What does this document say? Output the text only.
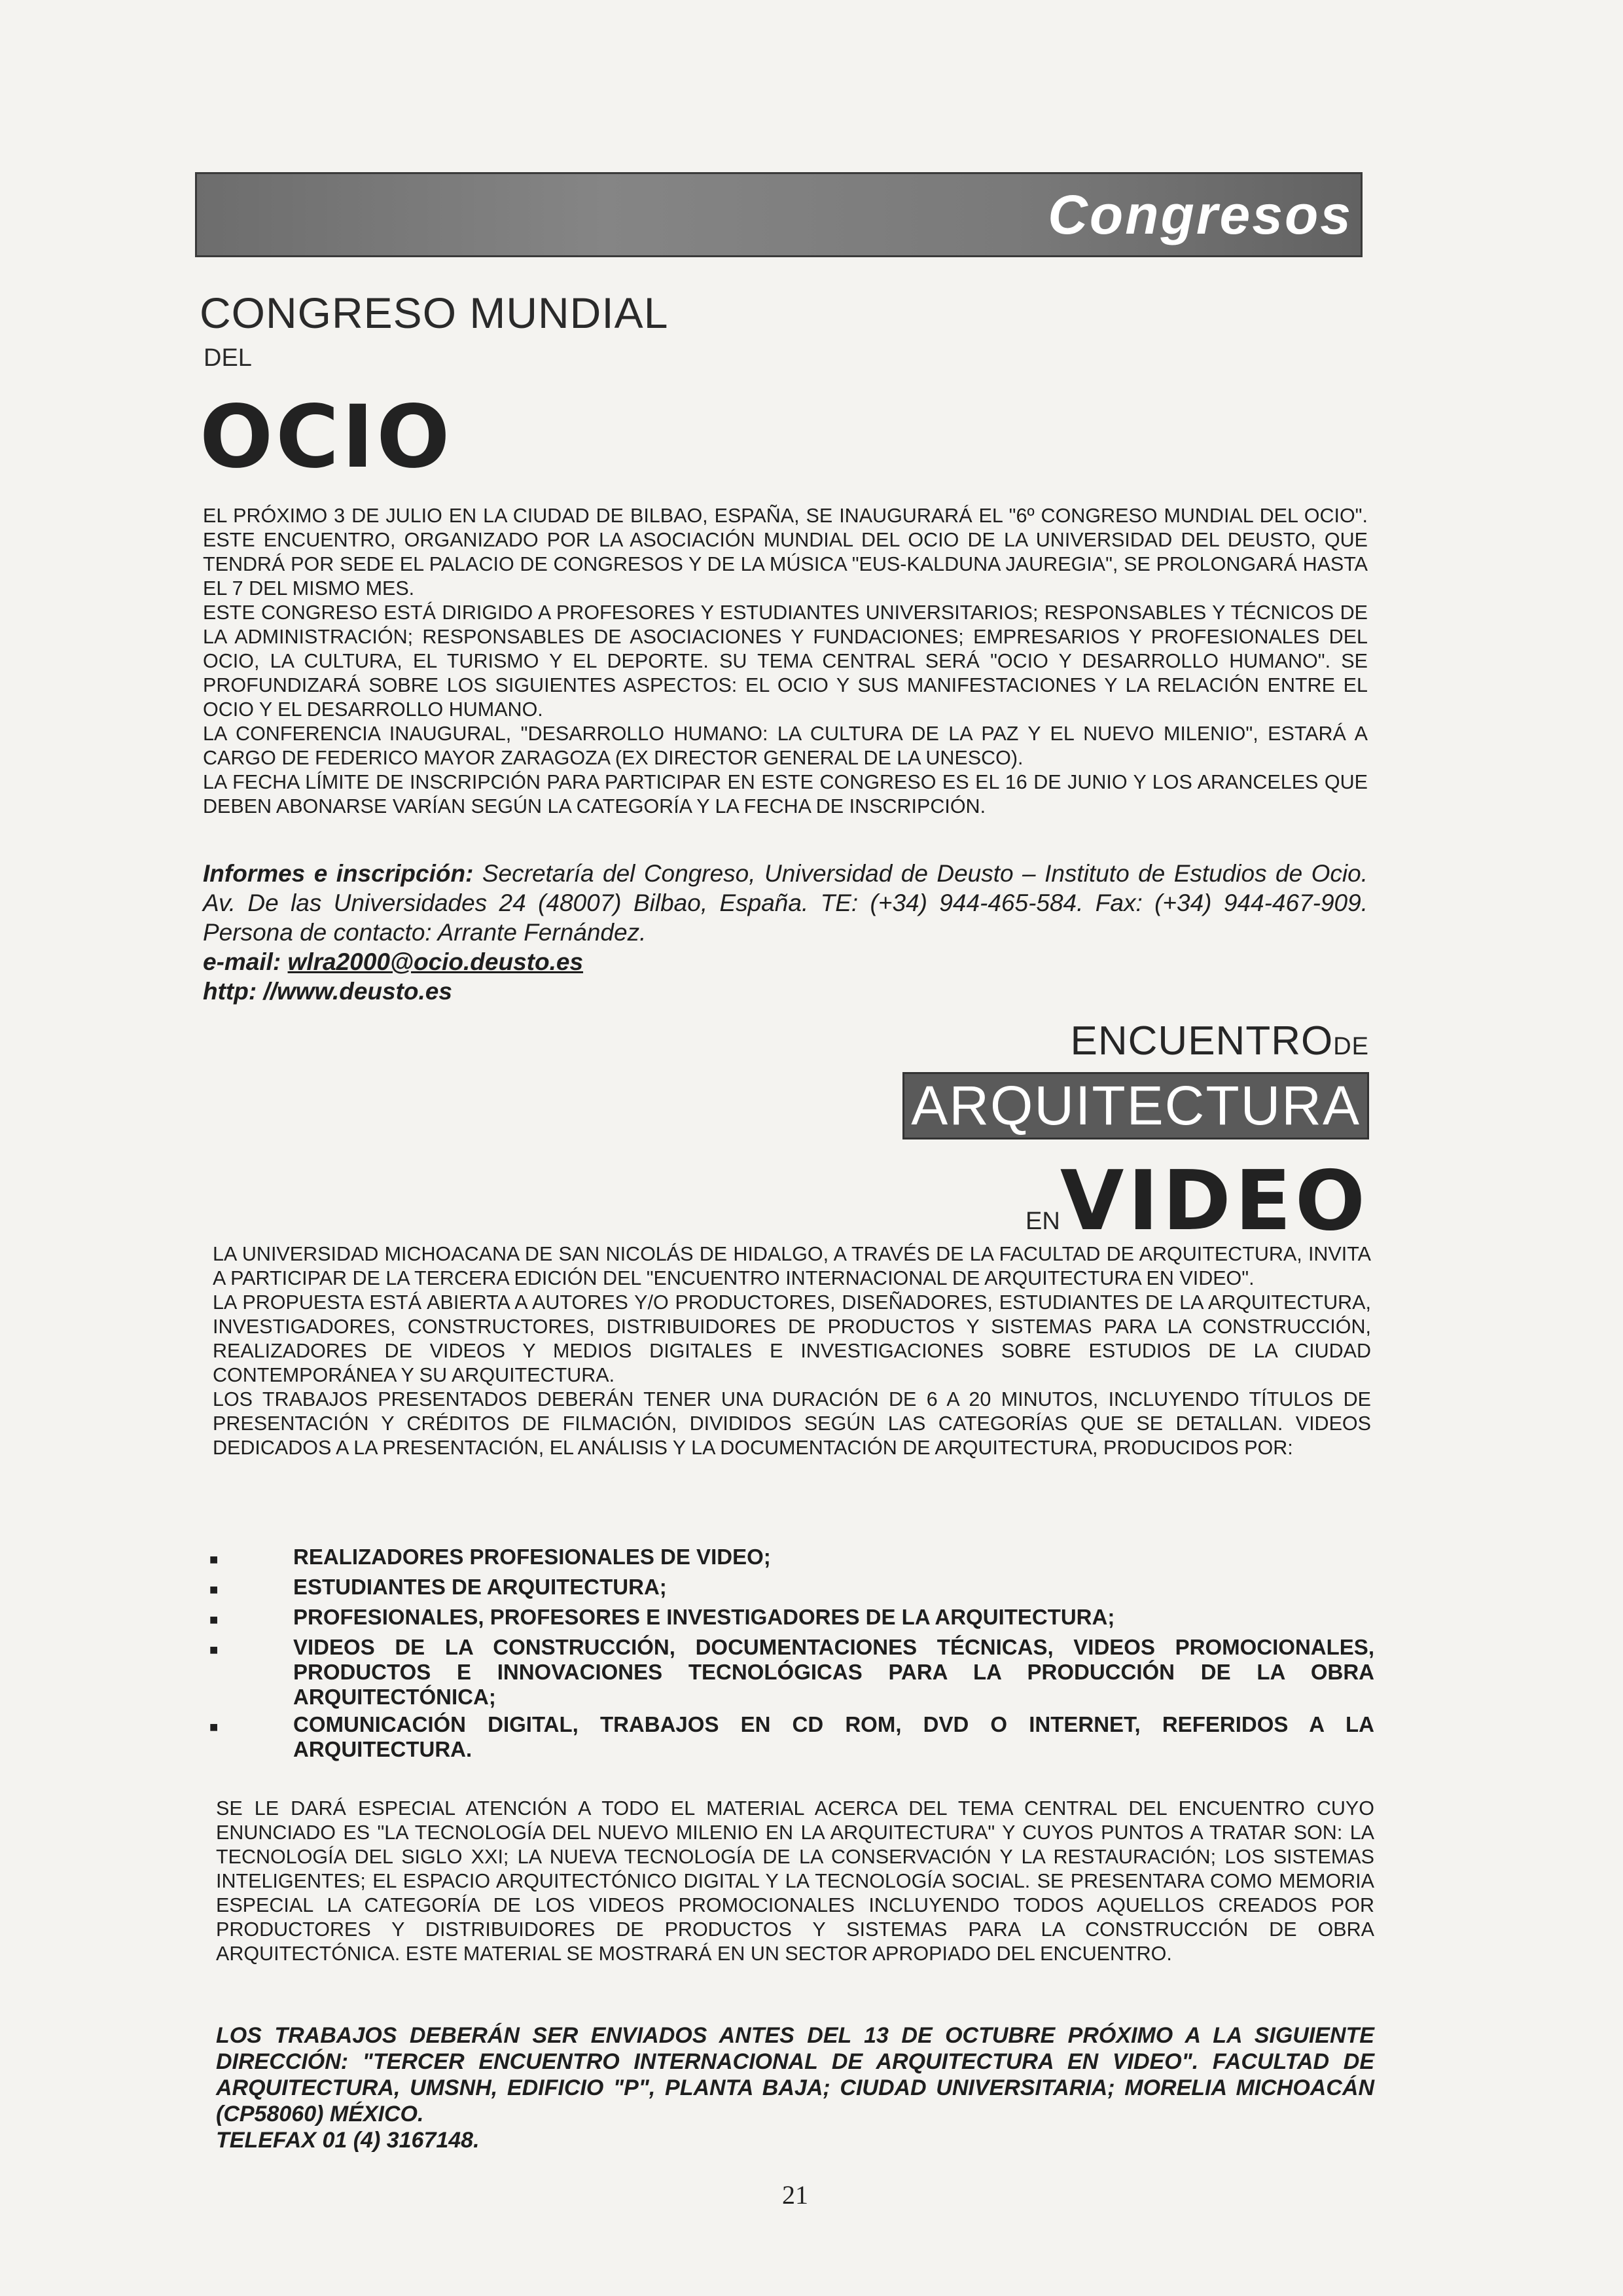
Congresos
CONGRESO MUNDIAL
DEL
OCIO

EL PRÓXIMO 3 DE JULIO EN LA CIUDAD DE BILBAO, ESPAÑA, SE INAUGURARÁ EL "6º CONGRESO MUNDIAL DEL OCIO". ESTE ENCUENTRO, ORGANIZADO POR LA ASOCIACIÓN MUNDIAL DEL OCIO DE LA UNIVERSIDAD DEL DEUSTO, QUE TENDRÁ POR SEDE EL PALACIO DE CONGRESOS Y DE LA MÚSICA "EUS-KALDUNA JAUREGIA", SE PROLONGARÁ HASTA EL 7 DEL MISMO MES.

ESTE CONGRESO ESTÁ DIRIGIDO A PROFESORES Y ESTUDIANTES UNIVERSITARIOS; RESPONSABLES Y TÉCNICOS DE LA ADMINISTRACIÓN; RESPONSABLES DE ASOCIACIONES Y FUNDACIONES; EMPRESARIOS Y PROFESIONALES DEL OCIO, LA CULTURA, EL TURISMO Y EL DEPORTE. SU TEMA CENTRAL SERÁ "OCIO Y DESARROLLO HUMANO". SE PROFUNDIZARÁ SOBRE LOS SIGUIENTES ASPECTOS: EL OCIO Y SUS MANIFESTACIONES Y LA RELACIÓN ENTRE EL OCIO Y EL DESARROLLO HUMANO.

LA CONFERENCIA INAUGURAL, "DESARROLLO HUMANO: LA CULTURA DE LA PAZ Y EL NUEVO MILENIO", ESTARÁ A CARGO DE FEDERICO MAYOR ZARAGOZA (EX DIRECTOR GENERAL DE LA UNESCO).

LA FECHA LÍMITE DE INSCRIPCIÓN PARA PARTICIPAR EN ESTE CONGRESO ES EL 16 DE JUNIO Y LOS ARANCELES QUE DEBEN ABONARSE VARÍAN SEGÚN LA CATEGORÍA Y LA FECHA DE INSCRIPCIÓN.

Informes e inscripción: Secretaría del Congreso, Universidad de Deusto – Instituto de Estudios de Ocio. Av. De las Universidades 24 (48007) Bilbao, España. TE: (+34) 944-465-584. Fax: (+34) 944-467-909. Persona de contacto: Arrante Fernández.

e-mail: wlra2000@ocio.deusto.es

http: //www.deusto.es

ENCUENTRODE
ARQUITECTURA
ENVIDEO

LA UNIVERSIDAD MICHOACANA DE SAN NICOLÁS DE HIDALGO, A TRAVÉS DE LA FACULTAD DE ARQUITECTURA, INVITA A PARTICIPAR DE LA TERCERA EDICIÓN DEL "ENCUENTRO INTERNACIONAL DE ARQUITECTURA EN VIDEO".

LA PROPUESTA ESTÁ ABIERTA A AUTORES Y/O PRODUCTORES, DISEÑADORES, ESTUDIANTES DE LA ARQUITECTURA, INVESTIGADORES, CONSTRUCTORES, DISTRIBUIDORES DE PRODUCTOS Y SISTEMAS PARA LA CONSTRUCCIÓN, REALIZADORES DE VIDEOS Y MEDIOS DIGITALES E INVESTIGACIONES SOBRE ESTUDIOS DE LA CIUDAD CONTEMPORÁNEA Y SU ARQUITECTURA.

LOS TRABAJOS PRESENTADOS DEBERÁN TENER UNA DURACIÓN DE 6 A 20 MINUTOS, INCLUYENDO TÍTULOS DE PRESENTACIÓN Y CRÉDITOS DE FILMACIÓN, DIVIDIDOS SEGÚN LAS CATEGORÍAS QUE SE DETALLAN. VIDEOS DEDICADOS A LA PRESENTACIÓN, EL ANÁLISIS Y LA DOCUMENTACIÓN DE ARQUITECTURA, PRODUCIDOS POR:

■	REALIZADORES PROFESIONALES DE VIDEO;
■	ESTUDIANTES DE ARQUITECTURA;
■	PROFESIONALES, PROFESORES E INVESTIGADORES DE LA ARQUITECTURA;
■	VIDEOS DE LA CONSTRUCCIÓN, DOCUMENTACIONES TÉCNICAS, VIDEOS PROMOCIONALES, PRODUCTOS E INNOVACIONES TECNOLÓGICAS PARA LA PRODUCCIÓN DE LA OBRA ARQUITECTÓNICA;
■	COMUNICACIÓN DIGITAL, TRABAJOS EN CD ROM, DVD O INTERNET, REFERIDOS A LA ARQUITECTURA.

SE LE DARÁ ESPECIAL ATENCIÓN A TODO EL MATERIAL ACERCA DEL TEMA CENTRAL DEL ENCUENTRO CUYO ENUNCIADO ES "LA TECNOLOGÍA DEL NUEVO MILENIO EN LA ARQUITECTURA" Y CUYOS PUNTOS A TRATAR SON: LA TECNOLOGÍA DEL SIGLO XXI; LA NUEVA TECNOLOGÍA DE LA CONSERVACIÓN Y LA RESTAURACIÓN; LOS SISTEMAS INTELIGENTES; EL ESPACIO ARQUITECTÓNICO DIGITAL Y LA TECNOLOGÍA SOCIAL. SE PRESENTARA COMO MEMORIA ESPECIAL LA CATEGORÍA DE LOS VIDEOS PROMOCIONALES INCLUYENDO TODOS AQUELLOS CREADOS POR PRODUCTORES Y DISTRIBUIDORES DE PRODUCTOS Y SISTEMAS PARA LA CONSTRUCCIÓN DE OBRA ARQUITECTÓNICA. ESTE MATERIAL SE MOSTRARÁ EN UN SECTOR APROPIADO DEL ENCUENTRO.

LOS TRABAJOS DEBERÁN SER ENVIADOS ANTES DEL 13 DE OCTUBRE PRÓXIMO A LA SIGUIENTE DIRECCIÓN: "TERCER ENCUENTRO INTERNACIONAL DE ARQUITECTURA EN VIDEO". FACULTAD DE ARQUITECTURA, UMSNH, EDIFICIO "P", PLANTA BAJA; CIUDAD UNIVERSITARIA; MORELIA MICHOACÁN (CP58060) MÉXICO.

TELEFAX 01 (4) 3167148.

21
